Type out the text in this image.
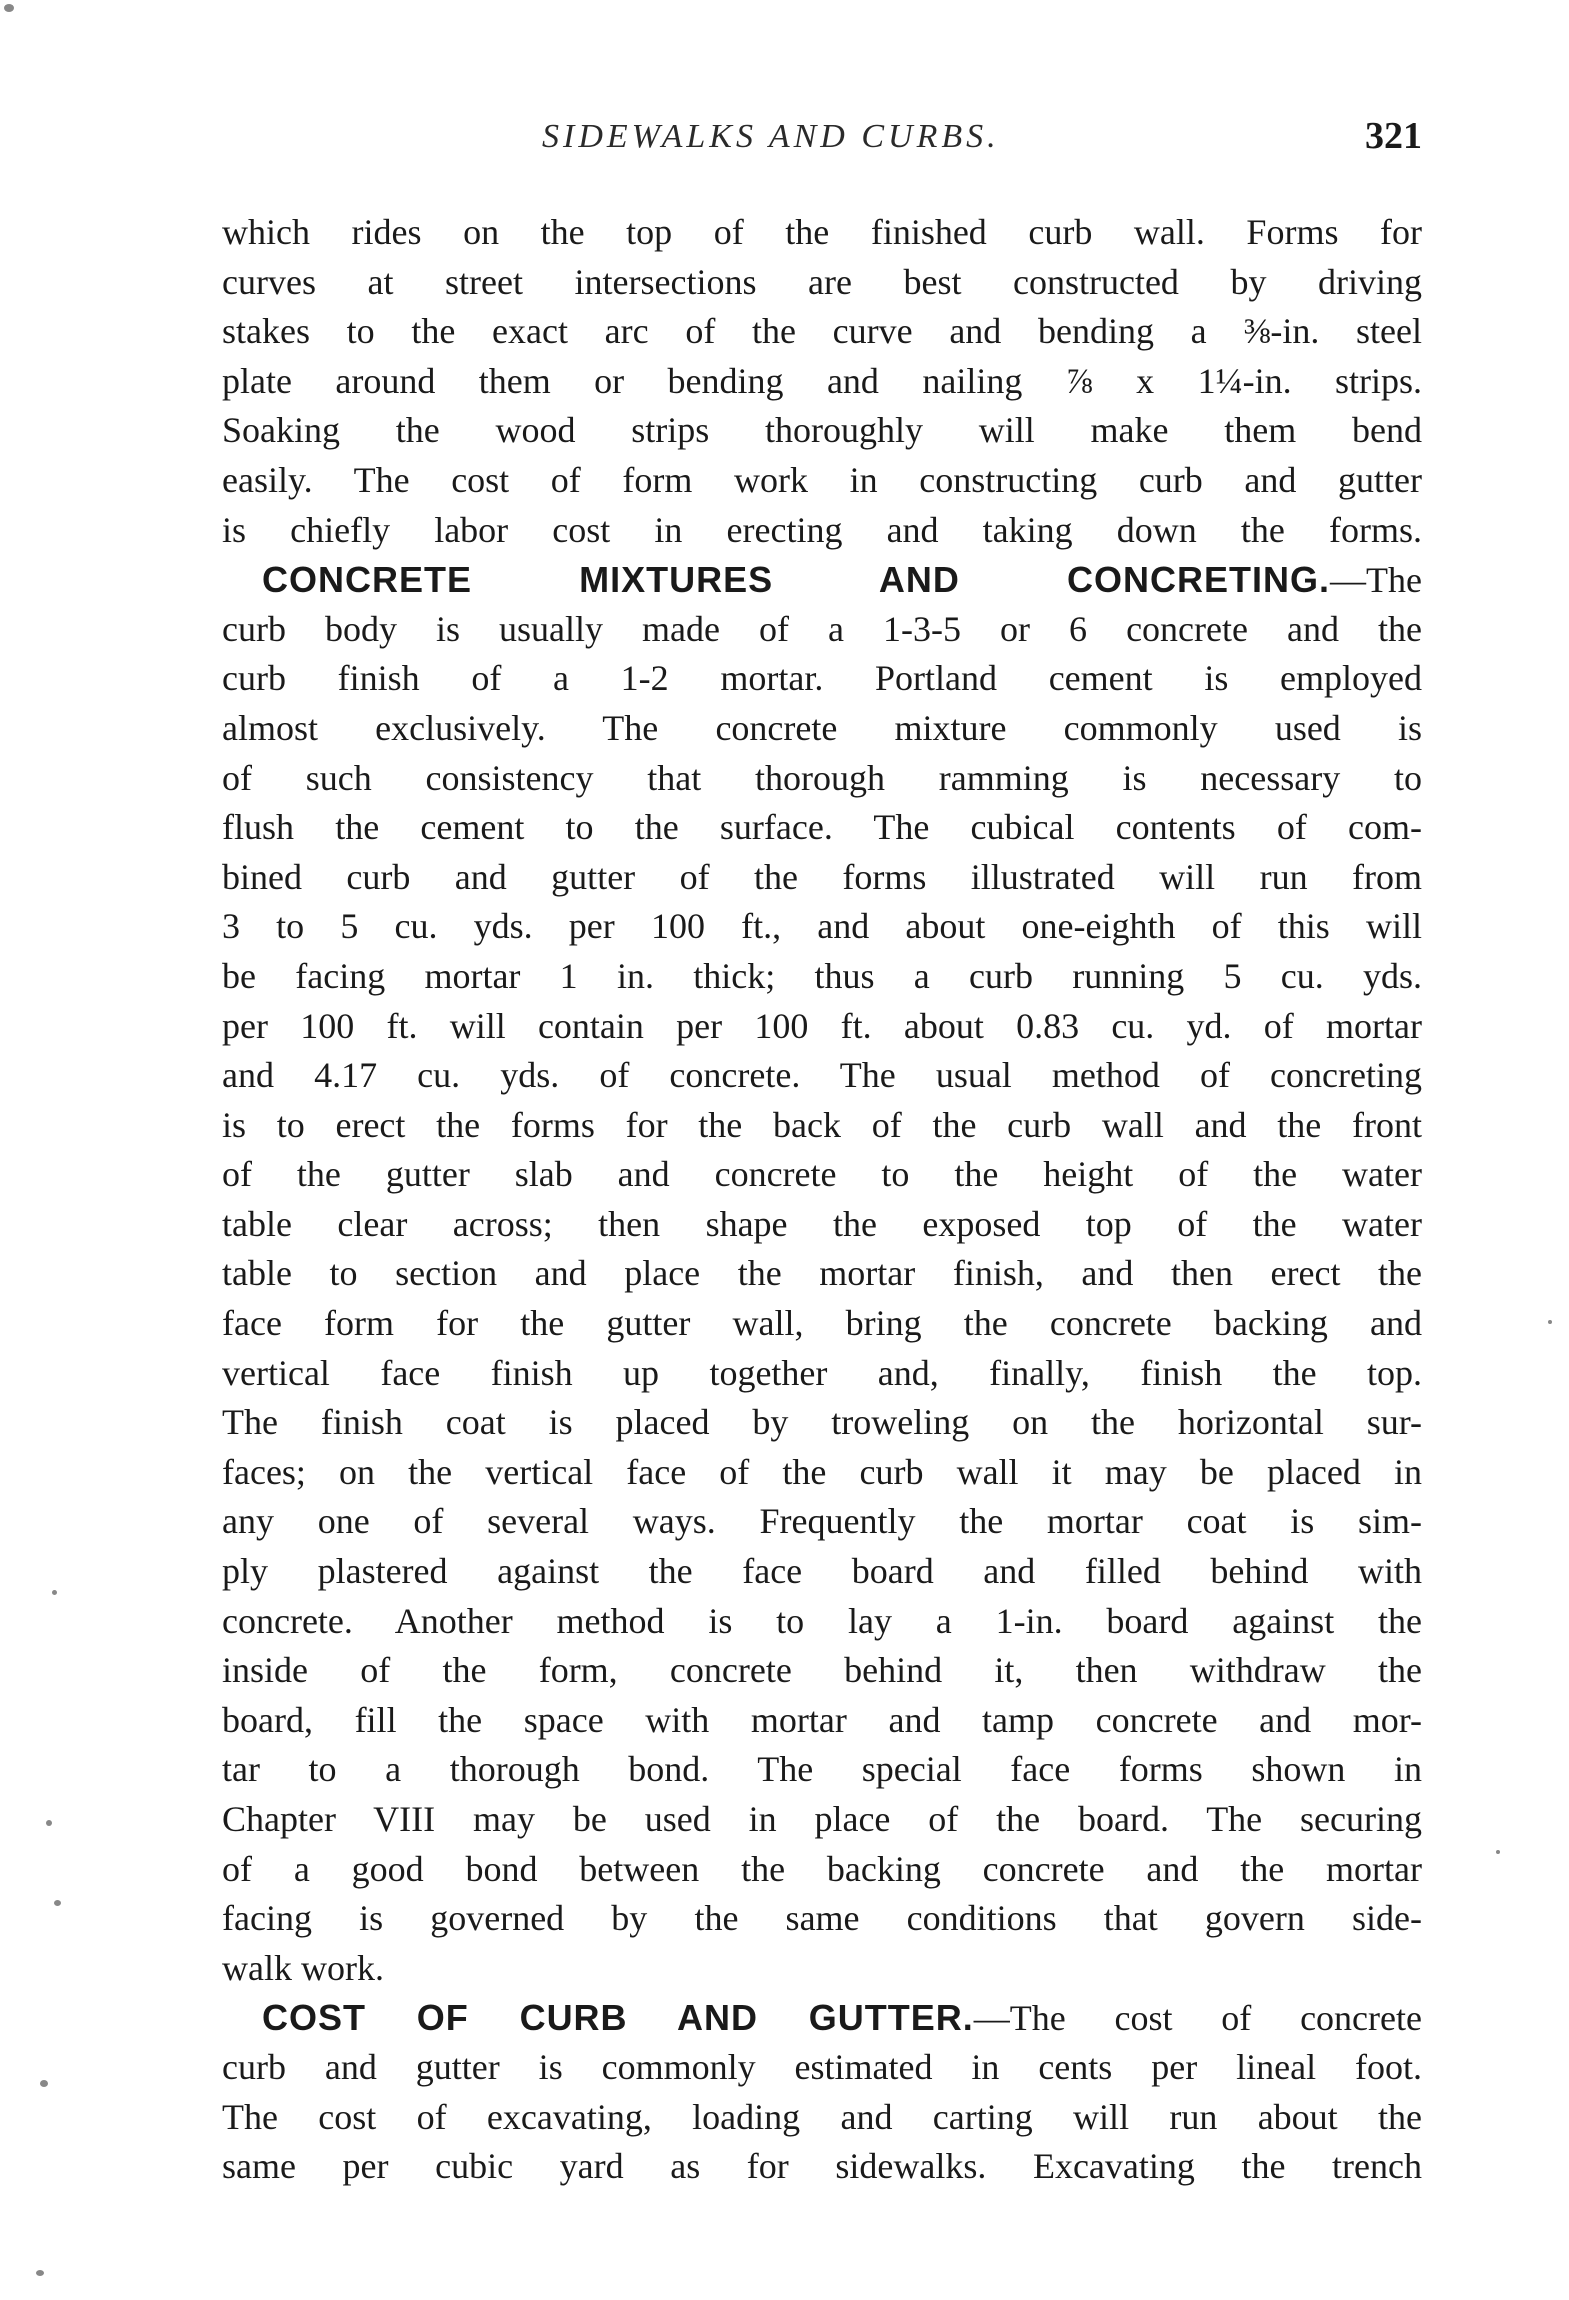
SIDEWALKS AND CURBS.	321
which rides on the top of the finished curb wall. Forms for
curves at street intersections are best constructed by driving
stakes to the exact arc of the curve and bending a ⅜-in. steel
plate around them or bending and nailing ⅞ x 1¼-in. strips.
Soaking the wood strips thoroughly will make them bend
easily. The cost of form work in constructing curb and gutter
is chiefly labor cost in erecting and taking down the forms.
CONCRETE MIXTURES AND CONCRETING.—The
curb body is usually made of a 1-3-5 or 6 concrete and the
curb finish of a 1-2 mortar. Portland cement is employed
almost exclusively. The concrete mixture commonly used is
of such consistency that thorough ramming is necessary to
flush the cement to the surface. The cubical contents of com-
bined curb and gutter of the forms illustrated will run from
3 to 5 cu. yds. per 100 ft., and about one-eighth of this will
be facing mortar 1 in. thick; thus a curb running 5 cu. yds.
per 100 ft. will contain per 100 ft. about 0.83 cu. yd. of mortar
and 4.17 cu. yds. of concrete. The usual method of concreting
is to erect the forms for the back of the curb wall and the front
of the gutter slab and concrete to the height of the water
table clear across; then shape the exposed top of the water
table to section and place the mortar finish, and then erect the
face form for the gutter wall, bring the concrete backing and
vertical face finish up together and, finally, finish the top.
The finish coat is placed by troweling on the horizontal sur-
faces; on the vertical face of the curb wall it may be placed in
any one of several ways. Frequently the mortar coat is sim-
ply plastered against the face board and filled behind with
concrete. Another method is to lay a 1-in. board against the
inside of the form, concrete behind it, then withdraw the
board, fill the space with mortar and tamp concrete and mor-
tar to a thorough bond. The special face forms shown in
Chapter VIII may be used in place of the board. The securing
of a good bond between the backing concrete and the mortar
facing is governed by the same conditions that govern side-
walk work.
COST OF CURB AND GUTTER.—The cost of concrete
curb and gutter is commonly estimated in cents per lineal foot.
The cost of excavating, loading and carting will run about the
same per cubic yard as for sidewalks. Excavating the trench
